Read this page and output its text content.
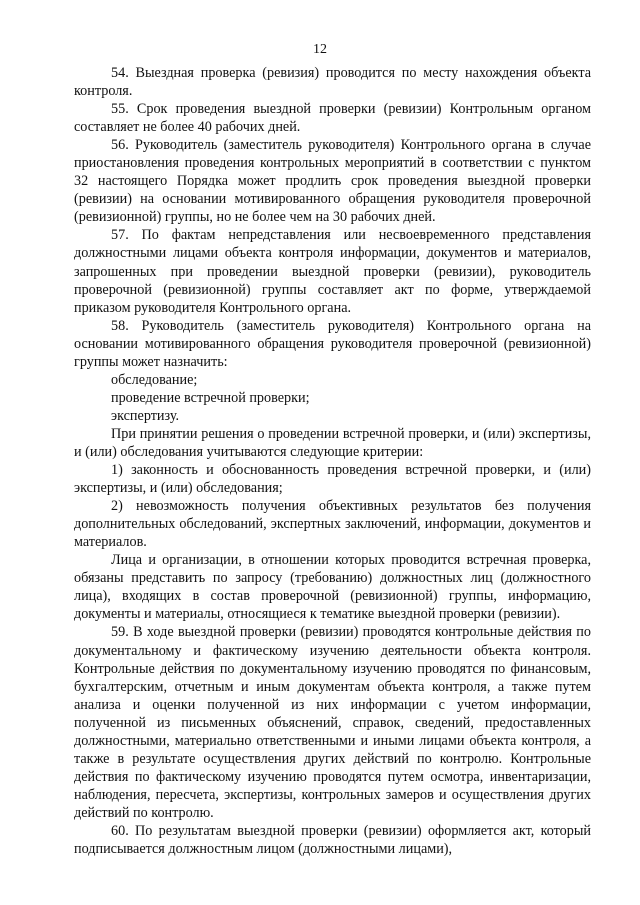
12

54. Выездная проверка (ревизия) проводится по месту нахождения объекта контроля.

55. Срок проведения выездной проверки (ревизии) Контрольным органом составляет не более 40 рабочих дней.

56. Руководитель (заместитель руководителя) Контрольного органа в случае приостановления проведения контрольных мероприятий в соответствии с пунктом 32 настоящего Порядка может продлить срок проведения выездной проверки (ревизии) на основании мотивированного обращения руководителя проверочной (ревизионной) группы, но не более чем на 30 рабочих дней.

57. По фактам непредставления или несвоевременного представления должностными лицами объекта контроля информации, документов и материалов, запрошенных при проведении выездной проверки (ревизии), руководитель проверочной (ревизионной) группы составляет акт по форме, утверждаемой приказом руководителя Контрольного органа.

58. Руководитель (заместитель руководителя) Контрольного органа на основании мотивированного обращения руководителя проверочной (ревизионной) группы может назначить:

обследование;

проведение встречной проверки;

экспертизу.

При принятии решения о проведении встречной проверки, и (или) экспертизы, и (или) обследования учитываются следующие критерии:

1) законность и обоснованность проведения встречной проверки, и (или) экспертизы, и (или) обследования;

2) невозможность получения объективных результатов без получения дополнительных обследований, экспертных заключений, информации, документов и материалов.

Лица и организации, в отношении которых проводится встречная проверка, обязаны представить по запросу (требованию) должностных лиц (должностного лица), входящих в состав проверочной (ревизионной) группы, информацию, документы и материалы, относящиеся к тематике выездной проверки (ревизии).

59. В ходе выездной проверки (ревизии) проводятся контрольные действия по документальному и фактическому изучению деятельности объекта контроля. Контрольные действия по документальному изучению проводятся по финансовым, бухгалтерским, отчетным и иным документам объекта контроля, а также путем анализа и оценки полученной из них информации с учетом информации, полученной из письменных объяснений, справок, сведений, предоставленных должностными, материально ответственными и иными лицами объекта контроля, а также в результате осуществления других действий по контролю. Контрольные действия по фактическому изучению проводятся путем осмотра, инвентаризации, наблюдения, пересчета, экспертизы, контрольных замеров и осуществления других действий по контролю.

60. По результатам выездной проверки (ревизии) оформляется акт, который подписывается должностным лицом (должностными лицами),
